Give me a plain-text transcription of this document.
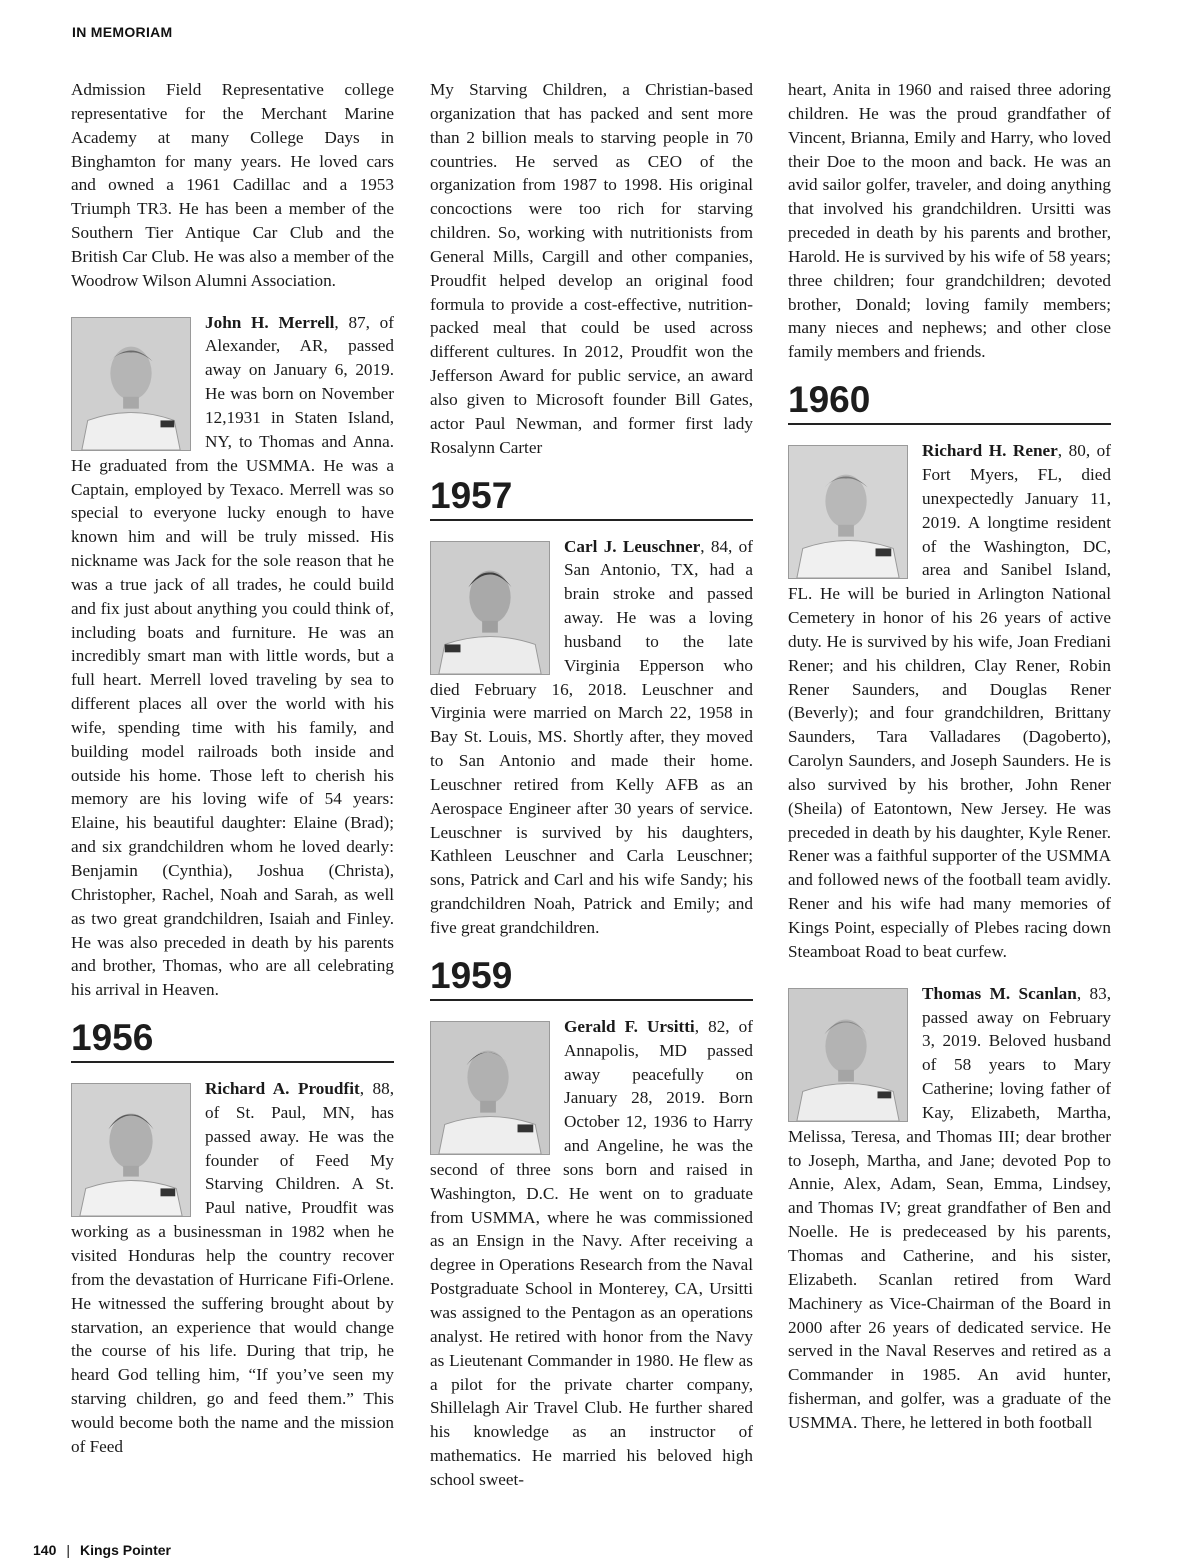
IN MEMORIAM

Admission Field Representative college representative for the Merchant Marine Academy at many College Days in Binghamton for many years. He loved cars and owned a 1961 Cadillac and a 1953 Triumph TR3. He has been a member of the Southern Tier Antique Car Club and the British Car Club. He was also a member of the Woodrow Wilson Alumni Association.

John H. Merrell, 87, of Alexander, AR, passed away on January 6, 2019. He was born on November 12,1931 in Staten Island, NY, to Thomas and Anna. He graduated from the USMMA. He was a Captain, employed by Texaco. Merrell was so special to everyone lucky enough to have known him and will be truly missed. His nickname was Jack for the sole reason that he was a true jack of all trades, he could build and fix just about anything you could think of, including boats and furniture. He was an incredibly smart man with little words, but a full heart. Merrell loved traveling by sea to different places all over the world with his wife, spending time with his family, and building model railroads both inside and outside his home. Those left to cherish his memory are his loving wife of 54 years: Elaine, his beautiful daughter: Elaine (Brad); and six grandchildren whom he loved dearly: Benjamin (Cynthia), Joshua (Christa), Christopher, Rachel, Noah and Sarah, as well as two great grandchildren, Isaiah and Finley. He was also preceded in death by his parents and brother, Thomas, who are all celebrating his arrival in Heaven.

1956

Richard A. Proudfit, 88, of St. Paul, MN, has passed away. He was the founder of Feed My Starving Children. A St. Paul native, Proudfit was working as a businessman in 1982 when he visited Honduras help the country recover from the devastation of Hurricane Fifi-Orlene. He witnessed the suffering brought about by starvation, an experience that would change the course of his life. During that trip, he heard God telling him, “If you’ve seen my starving children, go and feed them.” This would become both the name and the mission of Feed

My Starving Children, a Christian-based organization that has packed and sent more than 2 billion meals to starving people in 70 countries. He served as CEO of the organization from 1987 to 1998. His original concoctions were too rich for starving children. So, working with nutritionists from General Mills, Cargill and other companies, Proudfit helped develop an original food formula to provide a cost-effective, nutrition-packed meal that could be used across different cultures. In 2012, Proudfit won the Jefferson Award for public service, an award also given to Microsoft founder Bill Gates, actor Paul Newman, and former first lady Rosalynn Carter

1957

Carl J. Leuschner, 84, of San Antonio, TX, had a brain stroke and passed away. He was a loving husband to the late Virginia Epperson who died February 16, 2018. Leuschner and Virginia were married on March 22, 1958 in Bay St. Louis, MS. Shortly after, they moved to San Antonio and made their home. Leuschner retired from Kelly AFB as an Aerospace Engineer after 30 years of service. Leuschner is survived by his daughters, Kathleen Leuschner and Carla Leuschner; sons, Patrick and Carl and his wife Sandy; his grandchildren Noah, Patrick and Emily; and five great grandchildren.

1959

Gerald F. Ursitti, 82, of Annapolis, MD passed away peacefully on January 28, 2019. Born October 12, 1936 to Harry and Angeline, he was the second of three sons born and raised in Washington, D.C. He went on to graduate from USMMA, where he was commissioned as an Ensign in the Navy. After receiving a degree in Operations Research from the Naval Postgraduate School in Monterey, CA, Ursitti was assigned to the Pentagon as an operations analyst. He retired with honor from the Navy as Lieutenant Commander in 1980. He flew as a pilot for the private charter company, Shillelagh Air Travel Club. He further shared his knowledge as an instructor of mathematics. He married his beloved high school sweet-

heart, Anita in 1960 and raised three adoring children. He was the proud grandfather of Vincent, Brianna, Emily and Harry, who loved their Doe to the moon and back. He was an avid sailor golfer, traveler, and doing anything that involved his grandchildren. Ursitti was preceded in death by his parents and brother, Harold. He is survived by his wife of 58 years; three children; four grandchildren; devoted brother, Donald; loving family members; many nieces and nephews; and other close family members and friends.

1960

Richard H. Rener, 80, of Fort Myers, FL, died unexpectedly January 11, 2019. A longtime resident of the Washington, DC, area and Sanibel Island, FL. He will be buried in Arlington National Cemetery in honor of his 26 years of active duty. He is survived by his wife, Joan Frediani Rener; and his children, Clay Rener, Robin Rener Saunders, and Douglas Rener (Beverly); and four grandchildren, Brittany Saunders, Tara Valladares (Dagoberto), Carolyn Saunders, and Joseph Saunders. He is also survived by his brother, John Rener (Sheila) of Eatontown, New Jersey. He was preceded in death by his daughter, Kyle Rener. Rener was a faithful supporter of the USMMA and followed news of the football team avidly. Rener and his wife had many memories of Kings Point, especially of Plebes racing down Steamboat Road to beat curfew.

Thomas M. Scanlan, 83, passed away on February 3, 2019. Beloved husband of 58 years to Mary Catherine; loving father of Kay, Elizabeth, Martha, Melissa, Teresa, and Thomas III; dear brother to Joseph, Martha, and Jane; devoted Pop to Annie, Alex, Adam, Sean, Emma, Lindsey, and Thomas IV; great grandfather of Ben and Noelle. He is predeceased by his parents, Thomas and Catherine, and his sister, Elizabeth. Scanlan retired from Ward Machinery as Vice-Chairman of the Board in 2000 after 26 years of dedicated service. He served in the Naval Reserves and retired as a Commander in 1985. An avid hunter, fisherman, and golfer, was a graduate of the USMMA. There, he lettered in both football

140 | Kings Pointer
